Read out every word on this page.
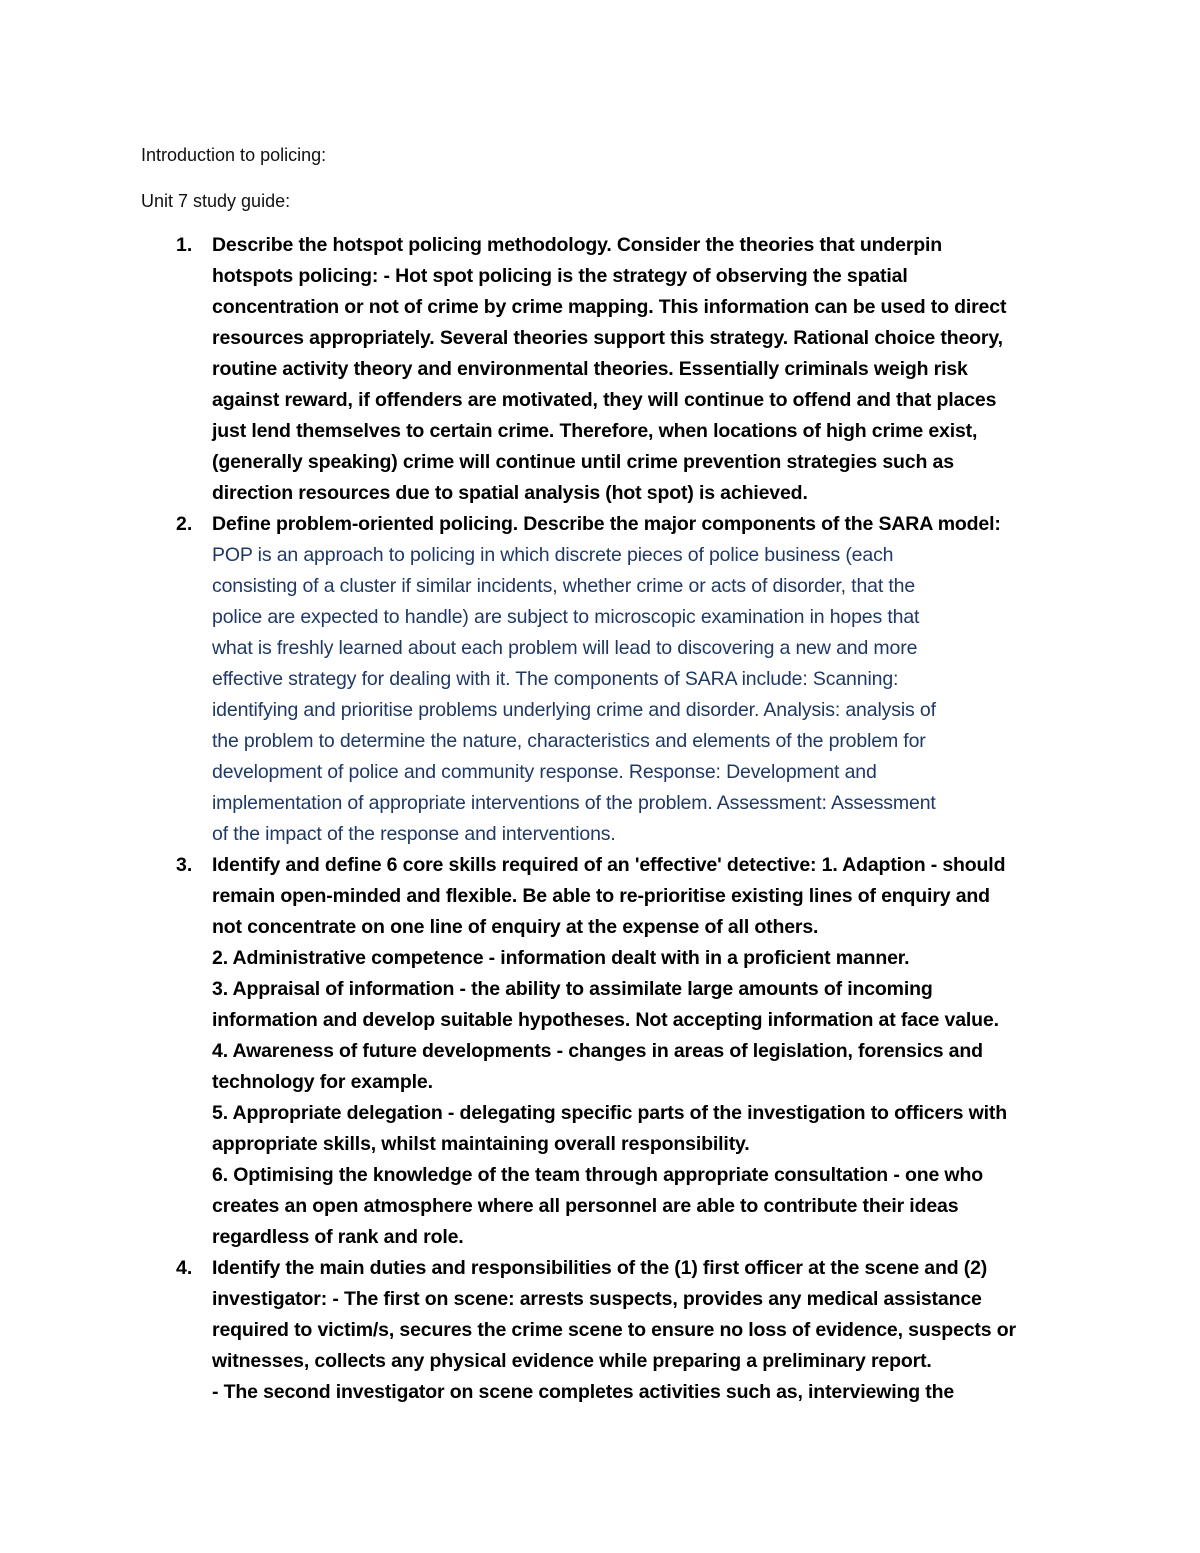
Introduction to policing:
Unit 7 study guide:
1.	Describe the hotspot policing methodology. Consider the theories that underpin
hotspots policing: - Hot spot policing is the strategy of observing the spatial
concentration or not of crime by crime mapping. This information can be used to direct
resources appropriately. Several theories support this strategy. Rational choice theory,
routine activity theory and environmental theories. Essentially criminals weigh risk
against reward, if offenders are motivated, they will continue to offend and that places
just lend themselves to certain crime. Therefore, when locations of high crime exist,
(generally speaking) crime will continue until crime prevention strategies such as
direction resources due to spatial analysis (hot spot) is achieved.
2.	Define problem-oriented policing. Describe the major components of the SARA model:
POP is an approach to policing in which discrete pieces of police business (each
consisting of a cluster if similar incidents, whether crime or acts of disorder, that the
police are expected to handle) are subject to microscopic examination in hopes that
what is freshly learned about each problem will lead to discovering a new and more
effective strategy for dealing with it. The components of SARA include: Scanning:
identifying and prioritise problems underlying crime and disorder. Analysis: analysis of
the problem to determine the nature, characteristics and elements of the problem for
development of police and community response. Response: Development and
implementation of appropriate interventions of the problem. Assessment: Assessment
of the impact of the response and interventions.
3.	Identify and define 6 core skills required of an 'effective' detective: 1. Adaption - should
remain open-minded and flexible. Be able to re-prioritise existing lines of enquiry and
not concentrate on one line of enquiry at the expense of all others.
2. Administrative competence - information dealt with in a proficient manner.
3. Appraisal of information - the ability to assimilate large amounts of incoming
information and develop suitable hypotheses. Not accepting information at face value.
4. Awareness of future developments - changes in areas of legislation, forensics and
technology for example.
5. Appropriate delegation - delegating specific parts of the investigation to officers with
appropriate skills, whilst maintaining overall responsibility.
6. Optimising the knowledge of the team through appropriate consultation - one who
creates an open atmosphere where all personnel are able to contribute their ideas
regardless of rank and role.
4.	Identify the main duties and responsibilities of the (1) first officer at the scene and (2)
investigator: - The first on scene: arrests suspects, provides any medical assistance
required to victim/s, secures the crime scene to ensure no loss of evidence, suspects or
witnesses, collects any physical evidence while preparing a preliminary report.
- The second investigator on scene completes activities such as, interviewing the
